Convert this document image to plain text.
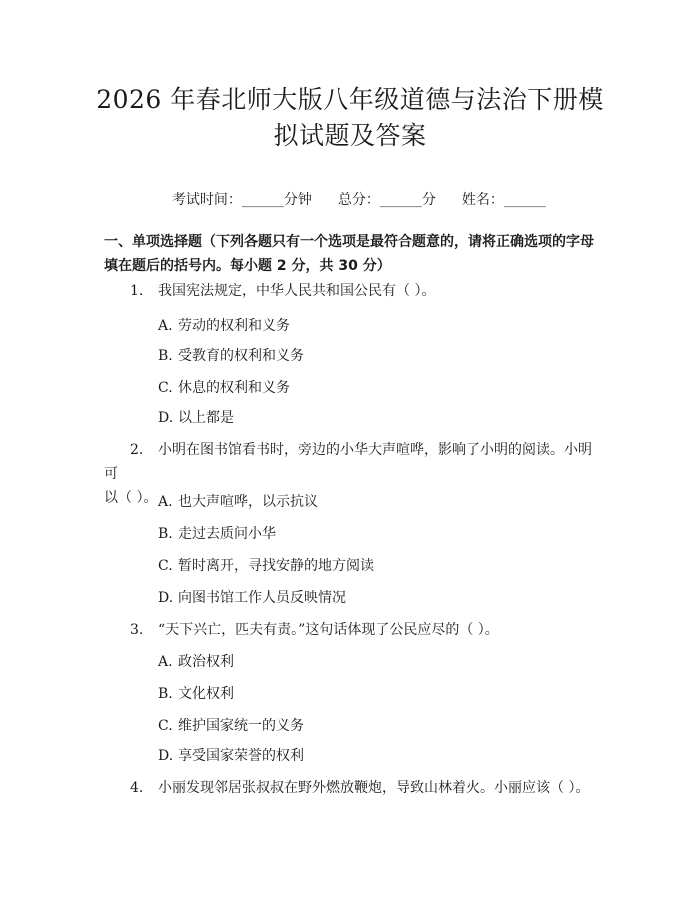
2026 年春北师大版八年级道德与法治下册模
拟试题及答案

考试时间：______分钟 总分：______分 姓名：______

一、单项选择题（下列各题只有一个选项是最符合题意的，请将正确选项的字母
填在题后的括号内。每小题 2 分，共 30 分）
1. 我国宪法规定，中华人民共和国公民有（ ）。
A. 劳动的权利和义务
B. 受教育的权利和义务
C. 休息的权利和义务
D. 以上都是
2. 小明在图书馆看书时，旁边的小华大声喧哗，影响了小明的阅读。小明可
以（ ）。 A. 也大声喧哗，以示抗议
B. 走过去质问小华
C. 暂时离开，寻找安静的地方阅读
D. 向图书馆工作人员反映情况
3. “天下兴亡，匹夫有责。”这句话体现了公民应尽的（ ）。
A. 政治权利
B. 文化权利
C. 维护国家统一的义务
D. 享受国家荣誉的权利
4. 小丽发现邻居张叔叔在野外燃放鞭炮，导致山林着火。小丽应该（ ）。
